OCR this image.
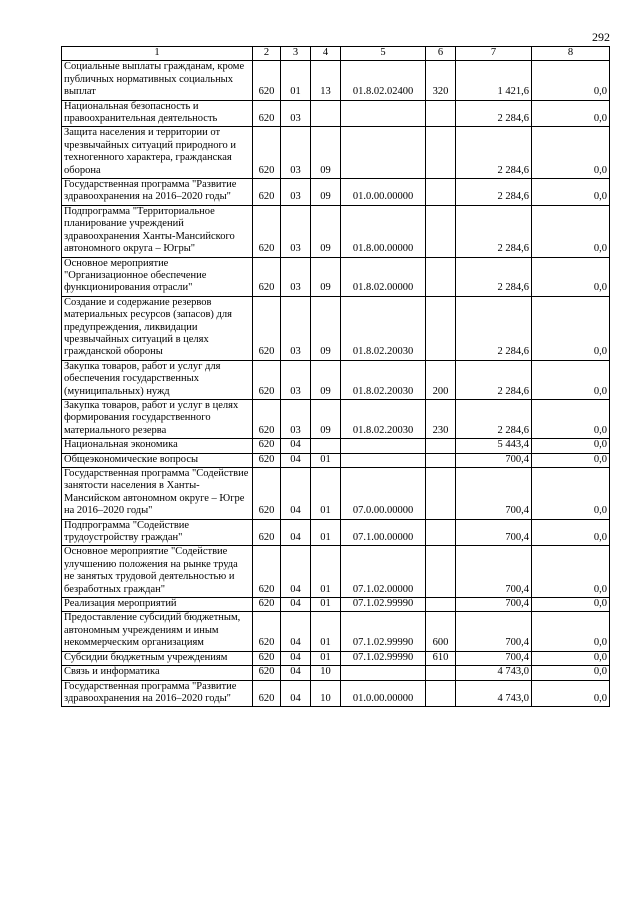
292
1	2	3	4	5	6	7	8
Социальные выплаты гражданам, кроме публичных нормативных социальных выплат	620	01	13	01.8.02.02400	320	1 421,6	0,0
Национальная безопасность и правоохранительная деятельность	620	03				2 284,6	0,0
Защита населения и территории от чрезвычайных ситуаций природного и техногенного характера, гражданская оборона	620	03	09			2 284,6	0,0
Государственная программа "Развитие здравоохранения на 2016–2020 годы"	620	03	09	01.0.00.00000		2 284,6	0,0
Подпрограмма "Территориальное планирование учреждений здравоохранения Ханты-Мансийского автономного округа – Югры"	620	03	09	01.8.00.00000		2 284,6	0,0
Основное мероприятие "Организационное обеспечение функционирования отрасли"	620	03	09	01.8.02.00000		2 284,6	0,0
Создание и содержание резервов материальных ресурсов (запасов) для предупреждения, ликвидации чрезвычайных ситуаций в целях гражданской обороны	620	03	09	01.8.02.20030		2 284,6	0,0
Закупка товаров, работ и услуг для обеспечения государственных (муниципальных) нужд	620	03	09	01.8.02.20030	200	2 284,6	0,0
Закупка товаров, работ и услуг в целях формирования государственного материального резерва	620	03	09	01.8.02.20030	230	2 284,6	0,0
Национальная экономика	620	04				5 443,4	0,0
Общеэкономические вопросы	620	04	01			700,4	0,0
Государственная программа "Содействие занятости населения в Ханты-Мансийском автономном округе – Югре на 2016–2020 годы"	620	04	01	07.0.00.00000		700,4	0,0
Подпрограмма "Содействие трудоустройству граждан"	620	04	01	07.1.00.00000		700,4	0,0
Основное мероприятие "Содействие улучшению положения на рынке труда не занятых трудовой деятельностью и безработных граждан"	620	04	01	07.1.02.00000		700,4	0,0
Реализация мероприятий	620	04	01	07.1.02.99990		700,4	0,0
Предоставление субсидий бюджетным, автономным учреждениям и иным некоммерческим организациям	620	04	01	07.1.02.99990	600	700,4	0,0
Субсидии бюджетным учреждениям	620	04	01	07.1.02.99990	610	700,4	0,0
Связь и информатика	620	04	10			4 743,0	0,0
Государственная программа "Развитие здравоохранения на 2016–2020 годы"	620	04	10	01.0.00.00000		4 743,0	0,0
